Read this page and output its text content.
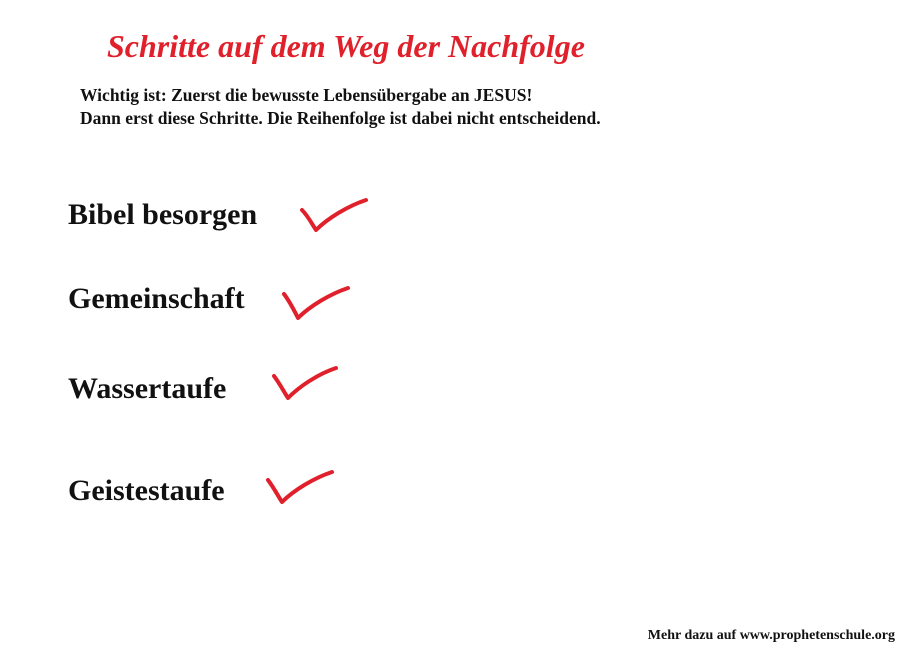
Schritte auf dem Weg der Nachfolge
Wichtig ist: Zuerst die bewusste Lebensübergabe an JESUS!
Dann erst diese Schritte. Die Reihenfolge ist dabei nicht entscheidend.
Bibel besorgen
Gemeinschaft
Wassertaufe
Geistestaufe
Mehr dazu auf www.prophetenschule.org
